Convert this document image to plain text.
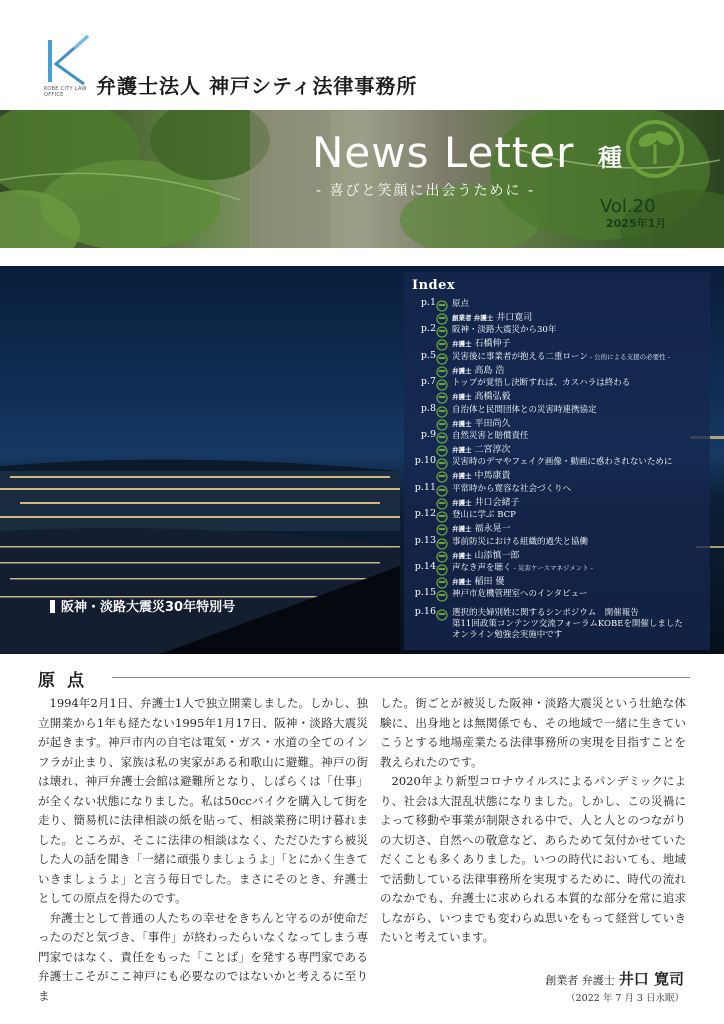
KOBE CITY LAW OFFICE	弁護士法人 神戸シティ法律事務所
News Letter 種
- 喜びと笑顔に出会うために -
Vol.20
2025年1月
阪神・淡路大震災30年特別号
Index
p.1 原点
創業者 弁護士 井口寛司
p.2 阪神・淡路大震災から30年
弁護士 石橋伸子
p.5 災害後に事業者が抱える二重ローン - 公的による支援の必要性 -
弁護士 高島 浩
p.7 トップが覚悟し決断すれば、カスハラは終わる
弁護士 高橋弘毅
p.8 自治体と民間団体との災害時連携協定
弁護士 平田尚久
p.9 自然災害と賠償責任
弁護士 二宮淳次
p.10 災害時のデマやフェイク画像・動画に惑わされないために
弁護士 中馬康貴
p.11 平常時から寛容な社会づくりへ
弁護士 井口会緒子
p.12 登山に学ぶ BCP
弁護士 福永晃一
p.13 事前防災における組織的過失と協働
弁護士 山添慎一郎
p.14 声なき声を聴く - 災害ケースマネジメント -
弁護士 稲田 優
p.15 神戸市危機管理室へのインタビュー
p.16 選択的夫婦別姓に関するシンポジウム　開催報告
第11回政策コンテンツ交流フォーラムKOBEを開催しました
オンライン勉強会実施中です
原点

1994年2月1日、弁護士1人で独立開業しました。しかし、独立開業から1年も経たない1995年1月17日、阪神・淡路大震災が起きます。神戸市内の自宅は電気・ガス・水道の全てのインフラが止まり、家族は私の実家がある和歌山に避難。神戸の街は壊れ、神戸弁護士会館は避難所となり、しばらくは「仕事」が全くない状態になりました。私は50ccバイクを購入して街を走り、簡易机に法律相談の紙を貼って、相談業務に明け暮れました。ところが、そこに法律の相談はなく、ただひたすら被災した人の話を聞き「一緒に頑張りましょうよ」「とにかく生きていきましょうよ」と言う毎日でした。まさにそのとき、弁護士としての原点を得たのです。

弁護士として普通の人たちの幸せをきちんと守るのが使命だったのだと気づき、「事件」が終わったらいなくなってしまう専門家ではなく、責任をもった「ことば」を発する専門家である弁護士こそがここ神戸にも必要なのではないかと考えるに至りま

した。街ごとが被災した阪神・淡路大震災という壮絶な体験に、出身地とは無関係でも、その地域で一緒に生きていこうとする地場産業たる法律事務所の実現を目指すことを教えられたのです。

2020年より新型コロナウイルスによるパンデミックにより、社会は大混乱状態になりました。しかし、この災禍によって移動や事業が制限される中で、人と人とのつながりの大切さ、自然への敬意など、あらためて気付かせていただくことも多くありました。いつの時代においても、地域で活動している法律事務所を実現するために、時代の流れのなかでも、弁護士に求められる本質的な部分を常に追求しながら、いつまでも変わらぬ思いをもって経営していきたいと考えています。

創業者 弁護士 井口 寛司
（2022 年 7 月 3 日永眠）
